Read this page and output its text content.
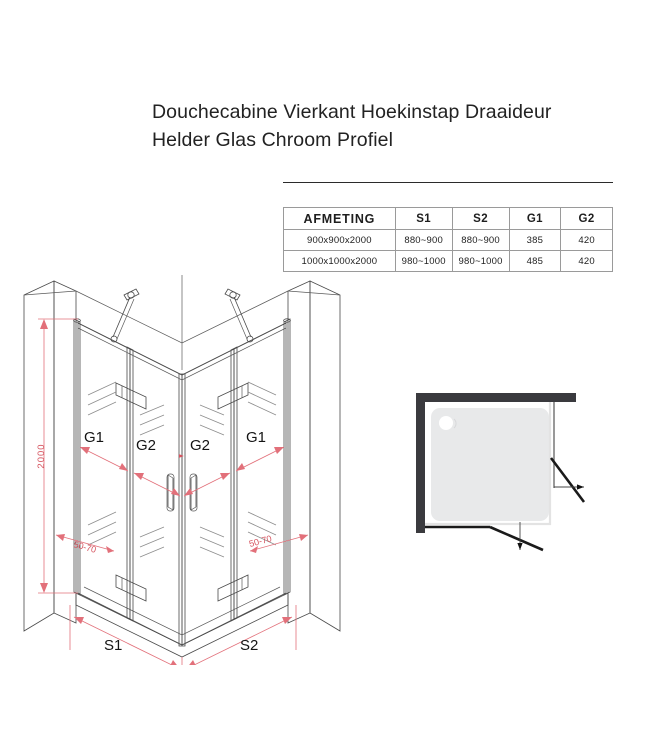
Douchecabine Vierkant Hoekinstap Draaideur
Helder Glas Chroom Profiel
AFMETING	S1	S2	G1	G2
900x900x2000	880~900	880~900	385	420
1000x1000x2000	980~1000	980~1000	485	420
2000
50-70	50-70
G1 G2 G2 G1
S1	S2
